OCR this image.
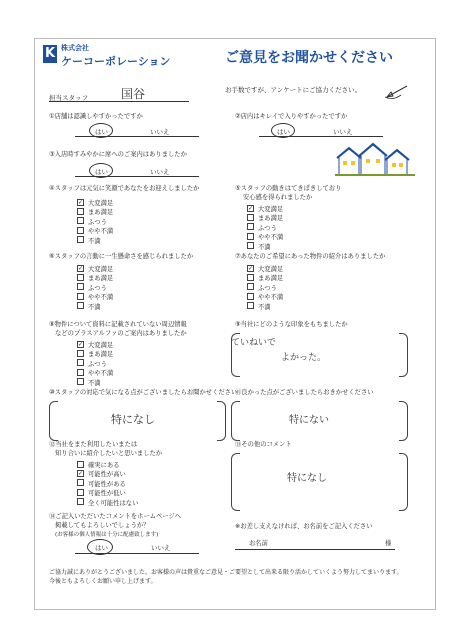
K 株式会社
ケーコーポレーション	ご意見をお聞かせください
お手数ですが、アンケートにご協力ください。
担当スタッフ	国谷
①店舗は認識しやすかったですか
はい	いいえ
②店内はキレイで入りやすかったですか
はい	いいえ
③入店時すみやかに席へのご案内はありましたか
はい	いいえ
④スタッフは元気に笑顔であなたをお迎えしましたか
✓ 大変満足
まあ満足
ふつう
やや不満
不満
⑤スタッフの動きはてきぱきしており
安心感を得られましたか
✓ 大変満足
まあ満足
ふつう
やや不満
不満
⑥スタッフの言動に一生懸命さを感じられましたか
✓ 大変満足
まあ満足
ふつう
やや不満
不満
⑦あなたのご希望にあった物件の紹介はありましたか
✓ 大変満足
まあ満足
ふつう
やや不満
不満
⑧物件について資料に記載されていない周辺情報
などのプラスアルファのご案内はありましたか
✓ 大変満足
まあ満足
ふつう
やや不満
不満
⑨当社にどのような印象をもちましたか
ていねいで
よかった。
⑩スタッフの対応で気になる点がございましたらお聞かせください
特になし
⑪良かった点がございましたらおきかせください
特にない
⑫当社をまた利用したいまたは
知り合いに紹介したいと思いましたか
確実にある
✓ 可能性が高い
可能性がある
可能性が低い
全く可能性はない
⑬その他のコメント
特になし
⑭ご記入いただいたコメントをホームページへ
掲載してもよろしいでしょうか？
(お客様の個人情報は十分に配慮致します)
はい	いいえ
※お差し支えなければ、お名前をご記入ください
お名前	様
ご協力誠にありがとうございました。お客様の声は貴重なご意見・ご要望として出来る限り活かしていくよう努力してまいります。
今後ともよろしくお願い申し上げます。
